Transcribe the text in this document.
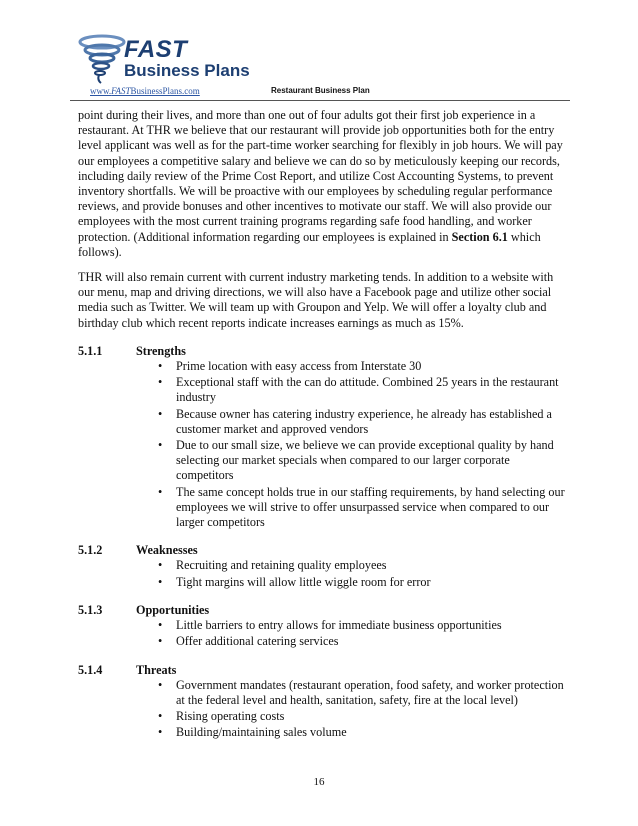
FAST
Business Plans
www.FASTBusinessPlans.com	Restaurant Business Plan

point during their lives, and more than one out of four adults got their first job experience in a restaurant. At THR we believe that our restaurant will provide job opportunities both for the entry level applicant was well as for the part-time worker searching for flexibly in job hours. We will pay our employees a competitive salary and believe we can do so by meticulously keeping our records, including daily review of the Prime Cost Report, and utilize Cost Accounting Systems, to prevent inventory shortfalls. We will be proactive with our employees by scheduling regular performance reviews, and provide bonuses and other incentives to motivate our staff. We will also provide our employees with the most current training programs regarding safe food handling, and worker protection. (Additional information regarding our employees is explained in Section 6.1 which follows).

THR will also remain current with current industry marketing tends. In addition to a website with our menu, map and driving directions, we will also have a Facebook page and utilize other social media such as Twitter. We will team up with Groupon and Yelp. We will offer a loyalty club and birthday club which recent reports indicate increases earnings as much as 15%.

5.1.1	Strengths
• Prime location with easy access from Interstate 30
• Exceptional staff with the can do attitude. Combined 25 years in the restaurant industry
• Because owner has catering industry experience, he already has established a customer market and approved vendors
• Due to our small size, we believe we can provide exceptional quality by hand selecting our market specials when compared to our larger corporate competitors
• The same concept holds true in our staffing requirements, by hand selecting our employees we will strive to offer unsurpassed service when compared to our larger competitors
5.1.2	Weaknesses
• Recruiting and retaining quality employees
• Tight margins will allow little wiggle room for error
5.1.3	Opportunities
• Little barriers to entry allows for immediate business opportunities
• Offer additional catering services
5.1.4	Threats
• Government mandates (restaurant operation, food safety, and worker protection at the federal level and health, sanitation, safety, fire at the local level)
• Rising operating costs
• Building/maintaining sales volume
16
